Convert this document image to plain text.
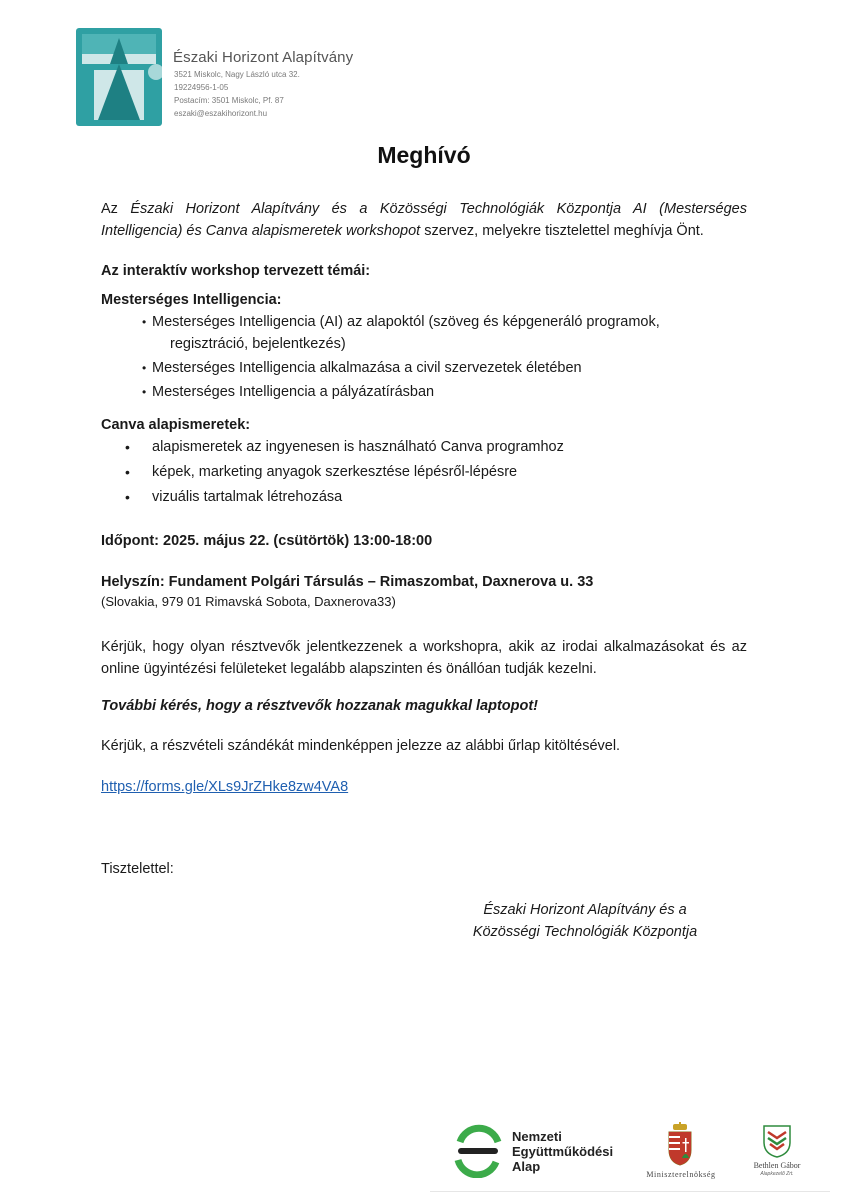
Északi Horizont Alapítvány
3521 Miskolc, Nagy László utca 32.
19224956-1-05
Postacím: 3501 Miskolc, Pf. 87
eszaki@eszakihorizont.hu
Meghívó
Az Északi Horizont Alapítvány és a Közösségi Technológiák Központja AI (Mesterséges Intelligencia) és Canva alapismeretek workshopot szervez, melyekre tisztelettel meghívja Önt.
Az interaktív workshop tervezett témái:
Mesterséges Intelligencia:
• Mesterséges Intelligencia (AI) az alapoktól (szöveg és képgeneráló programok,
regisztráció, bejelentkezés)
• Mesterséges Intelligencia alkalmazása a civil szervezetek életében
• Mesterséges Intelligencia a pályázatírásban
Canva alapismeretek:
• alapismeretek az ingyenesen is használható Canva programhoz
• képek, marketing anyagok szerkesztése lépésről-lépésre
• vizuális tartalmak létrehozása
Időpont: 2025. május 22. (csütörtök) 13:00-18:00
Helyszín: Fundament Polgári Társulás – Rimaszombat, Daxnerova u. 33
(Slovakia, 979 01 Rimavská Sobota, Daxnerova33)
Kérjük, hogy olyan résztvevők jelentkezzenek a workshopra, akik az irodai alkalmazásokat és az online ügyintézési felületeket legalább alapszinten és önállóan tudják kezelni.
További kérés, hogy a résztvevők hozzanak magukkal laptopot!
Kérjük, a részvételi szándékát mindenképpen jelezze az alábbi űrlap kitöltésével.
https://forms.gle/XLs9JrZHke8zw4VA8
Tisztelettel:
Északi Horizont Alapítvány és a
Közösségi Technológiák Központja
Nemzeti
Együttműködési
Alap
Miniszterelnökség
Bethlen Gábor
Alapkezelő Zrt.
